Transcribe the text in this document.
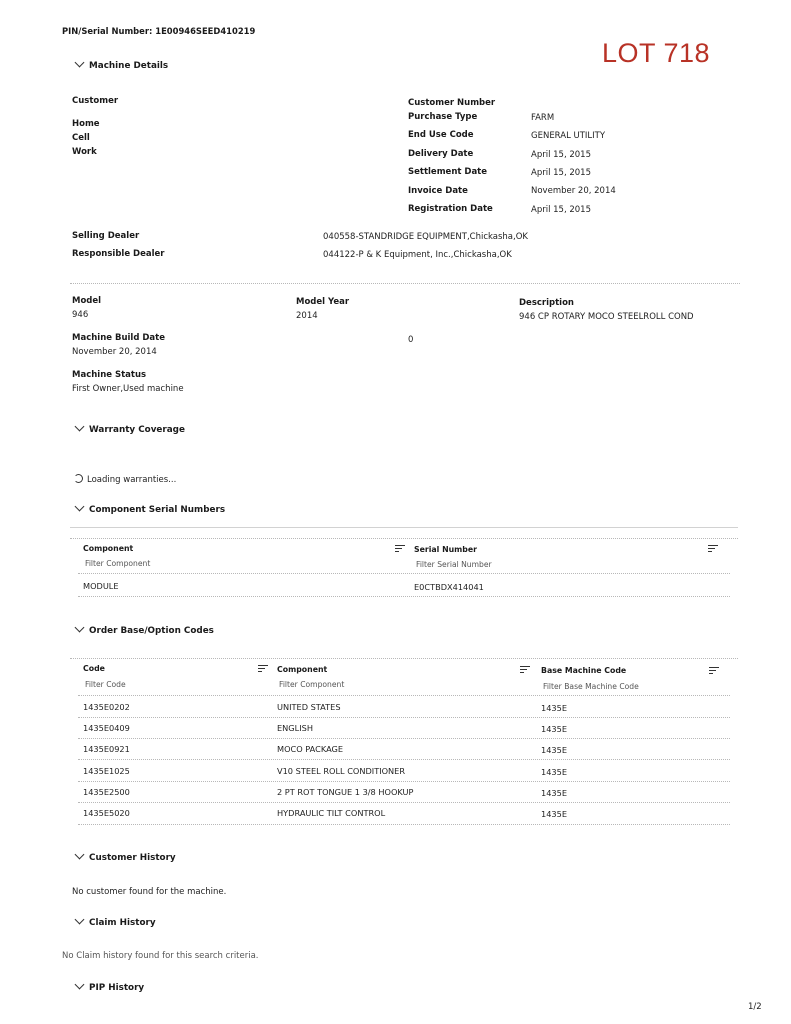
PIN/Serial Number: 1E00946SEED410219
LOT 718
Machine Details
Customer
Home
Cell
Work
Customer Number
Purchase Type	FARM
End Use Code	GENERAL UTILITY
Delivery Date	April 15, 2015
Settlement Date	April 15, 2015
Invoice Date	November 20, 2014
Registration Date	April 15, 2015
Selling Dealer	040558-STANDRIDGE EQUIPMENT,Chickasha,OK
Responsible Dealer	044122-P & K Equipment, Inc.,Chickasha,OK
Model
946
Model Year
2014
Description
946 CP ROTARY MOCO STEELROLL COND
Machine Build Date
November 20, 2014
0
Machine Status
First Owner,Used machine
Warranty Coverage
Loading warranties...
Component Serial Numbers
Component
Filter Component
Serial Number
Filter Serial Number
MODULE	E0CTBDX414041
Order Base/Option Codes
Code
Filter Code
Component
Filter Component
Base Machine Code
Filter Base Machine Code
1435E0202	UNITED STATES	1435E
1435E0409	ENGLISH	1435E
1435E0921	MOCO PACKAGE	1435E
1435E1025	V10 STEEL ROLL CONDITIONER	1435E
1435E2500	2 PT ROT TONGUE 1 3/8 HOOKUP	1435E
1435E5020	HYDRAULIC TILT CONTROL	1435E
Customer History
No customer found for the machine.
Claim History
No Claim history found for this search criteria.
PIP History
1/2
